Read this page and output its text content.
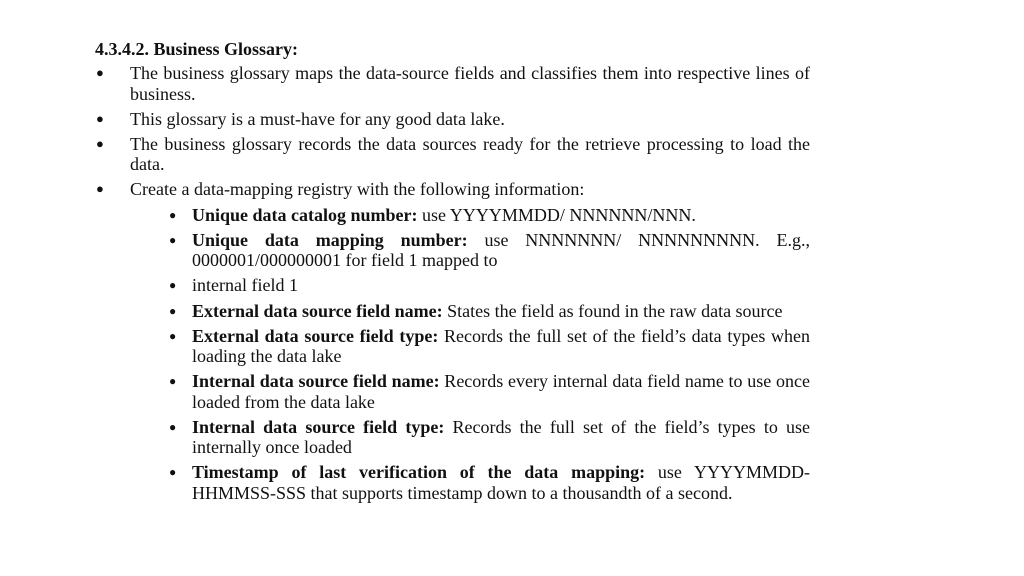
4.3.4.2. Business Glossary:
● The business glossary maps the data-source fields and classifies them into respective lines of business.
● This glossary is a must-have for any good data lake.
● The business glossary records the data sources ready for the retrieve processing to load the data.
● Create a data-mapping registry with the following information:
● Unique data catalog number: use YYYYMMDD/ NNNNNN/NNN.
● Unique data mapping number: use NNNNNNN/ NNNNNNNNN. E.g., 0000001/000000001 for field 1 mapped to
● internal field 1
● External data source field name: States the field as found in the raw data source
● External data source field type: Records the full set of the field’s data types when loading the data lake
● Internal data source field name: Records every internal data field name to use once loaded from the data lake
● Internal data source field type: Records the full set of the field’s types to use internally once loaded
● Timestamp of last verification of the data mapping: use YYYYMMDD-HHMMSS-SSS that supports timestamp down to a thousandth of a second.
